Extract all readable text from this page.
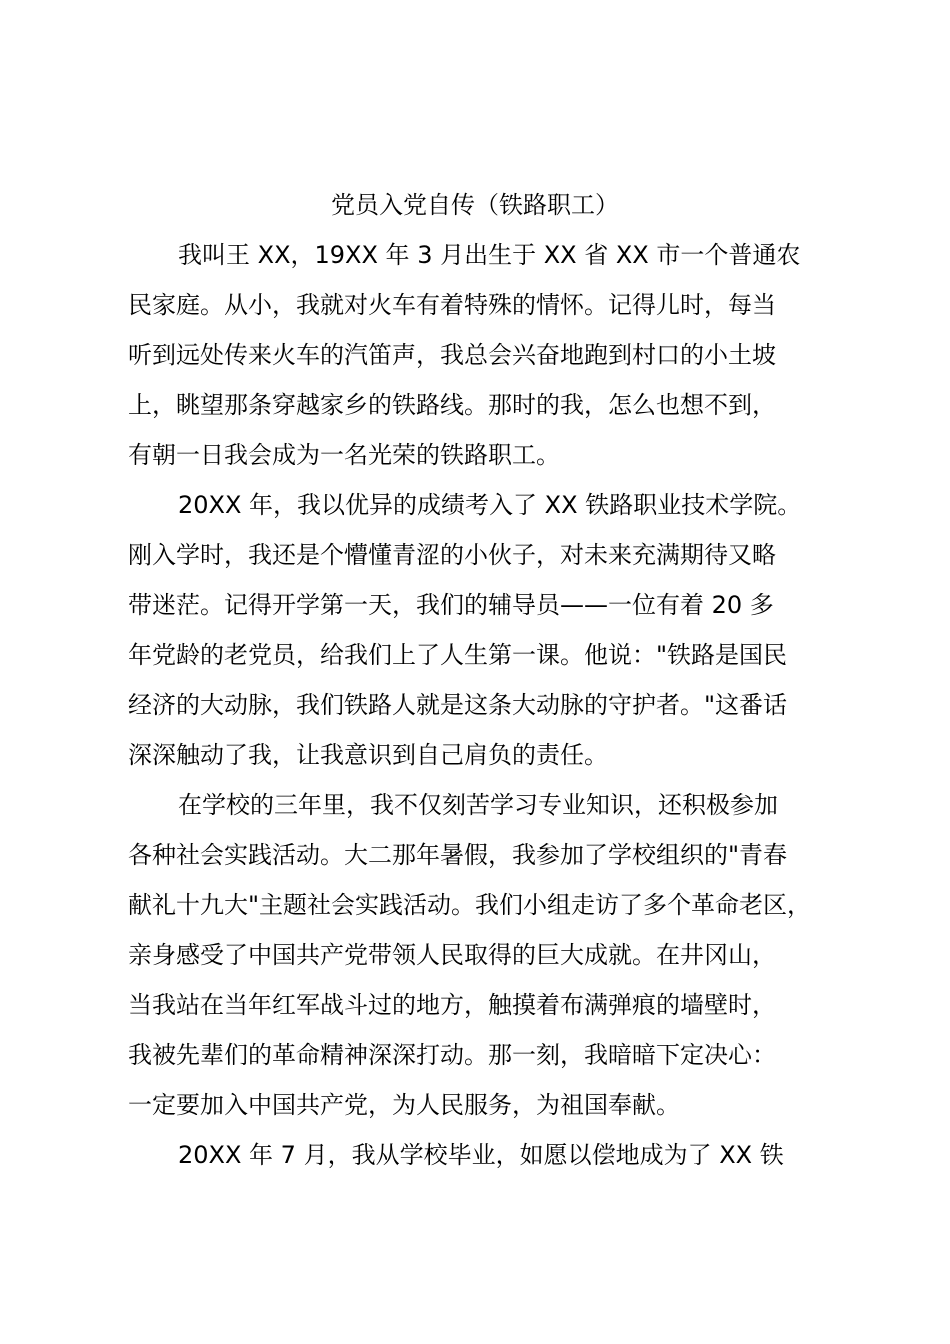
党员入党自传（铁路职工）
我叫王 XX，19XX 年 3 月出生于 XX 省 XX 市一个普通农
民家庭。从小，我就对火车有着特殊的情怀。记得儿时，每当
听到远处传来火车的汽笛声，我总会兴奋地跑到村口的小土坡
上，眺望那条穿越家乡的铁路线。那时的我，怎么也想不到，
有朝一日我会成为一名光荣的铁路职工。
20XX 年，我以优异的成绩考入了 XX 铁路职业技术学院。
刚入学时，我还是个懵懂青涩的小伙子，对未来充满期待又略
带迷茫。记得开学第一天，我们的辅导员——一位有着 20 多
年党龄的老党员，给我们上了人生第一课。他说："铁路是国民
经济的大动脉，我们铁路人就是这条大动脉的守护者。"这番话
深深触动了我，让我意识到自己肩负的责任。
在学校的三年里，我不仅刻苦学习专业知识，还积极参加
各种社会实践活动。大二那年暑假，我参加了学校组织的"青春
献礼十九大"主题社会实践活动。我们小组走访了多个革命老区，
亲身感受了中国共产党带领人民取得的巨大成就。在井冈山，
当我站在当年红军战斗过的地方，触摸着布满弹痕的墙壁时，
我被先辈们的革命精神深深打动。那一刻，我暗暗下定决心：
一定要加入中国共产党，为人民服务，为祖国奉献。
20XX 年 7 月，我从学校毕业，如愿以偿地成为了 XX 铁
